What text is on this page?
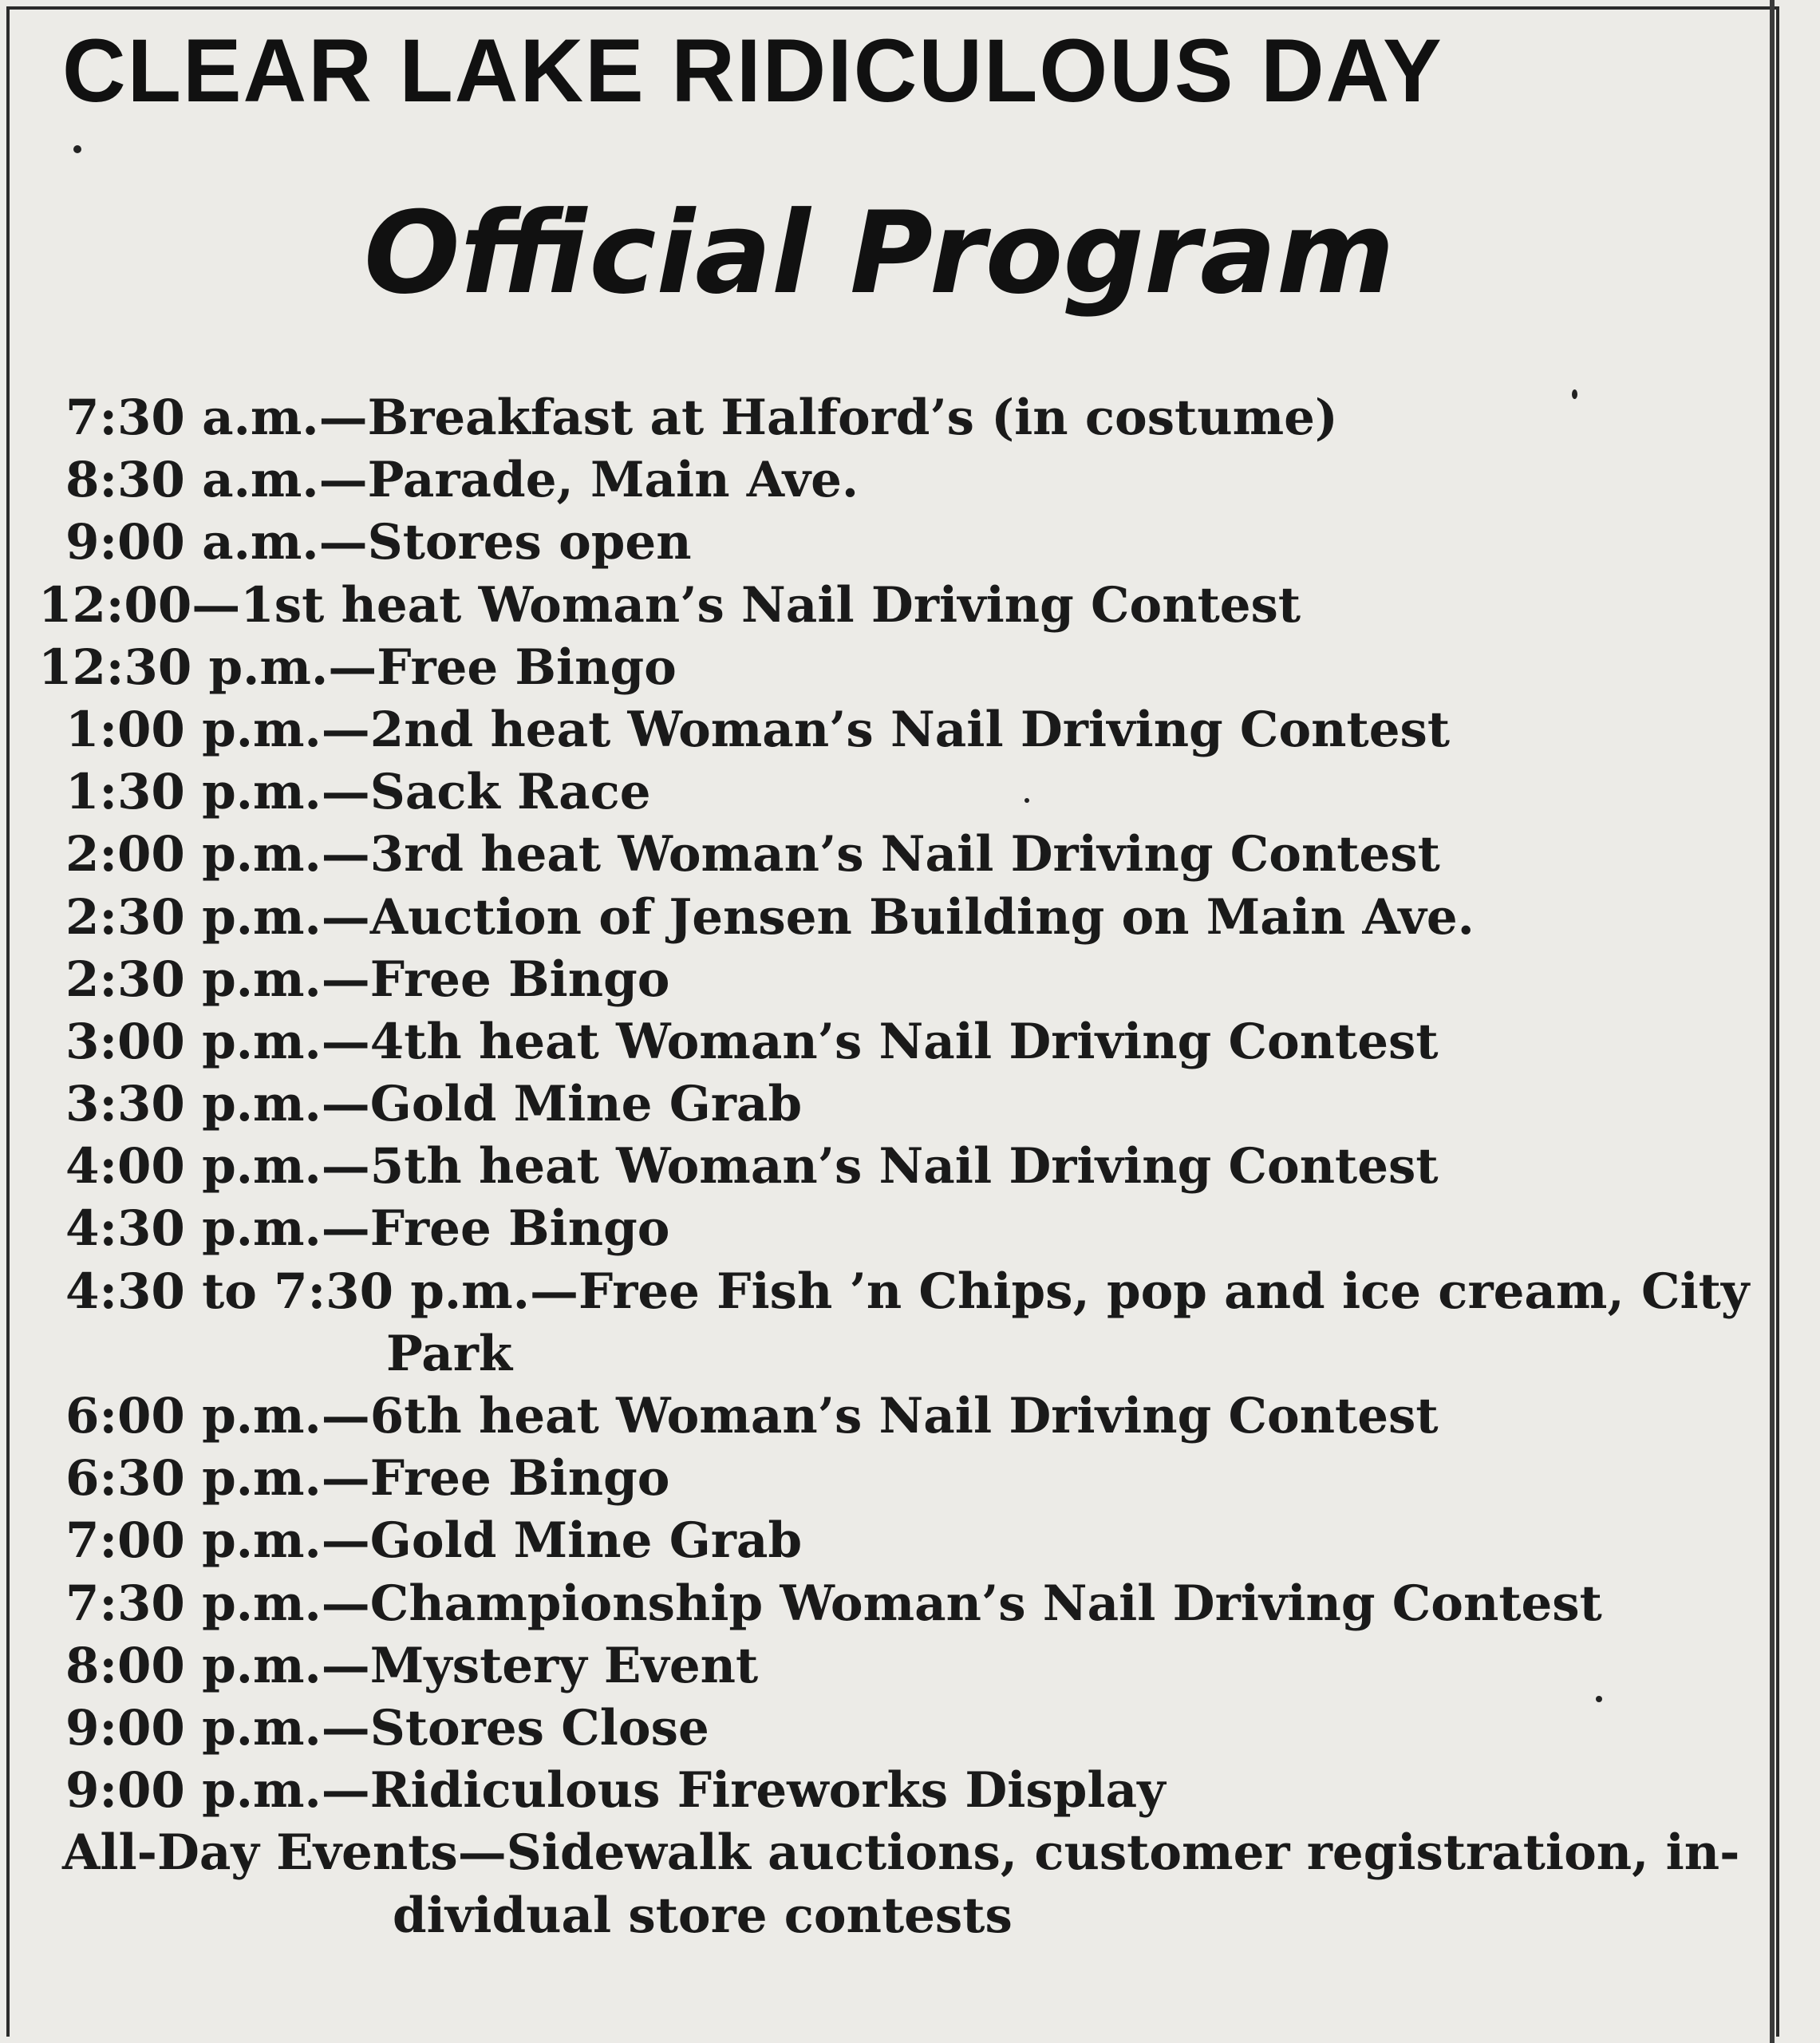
CLEAR LAKE RIDICULOUS DAY
Official Program
7:30 a.m.—Breakfast at Halford’s (in costume)
8:30 a.m.—Parade, Main Ave.
9:00 a.m.—Stores open
12:00—1st heat Woman’s Nail Driving Contest
12:30 p.m.—Free Bingo
1:00 p.m.—2nd heat Woman’s Nail Driving Contest
1:30 p.m.—Sack Race
2:00 p.m.—3rd heat Woman’s Nail Driving Contest
2:30 p.m.—Auction of Jensen Building on Main Ave.
2:30 p.m.—Free Bingo
3:00 p.m.—4th heat Woman’s Nail Driving Contest
3:30 p.m.—Gold Mine Grab
4:00 p.m.—5th heat Woman’s Nail Driving Contest
4:30 p.m.—Free Bingo
4:30 to 7:30 p.m.—Free Fish ’n Chips, pop and ice cream, City
Park
6:00 p.m.—6th heat Woman’s Nail Driving Contest
6:30 p.m.—Free Bingo
7:00 p.m.—Gold Mine Grab
7:30 p.m.—Championship Woman’s Nail Driving Contest
8:00 p.m.—Mystery Event
9:00 p.m.—Stores Close
9:00 p.m.—Ridiculous Fireworks Display
All-Day Events—Sidewalk auctions, customer registration, in-
dividual store contests
